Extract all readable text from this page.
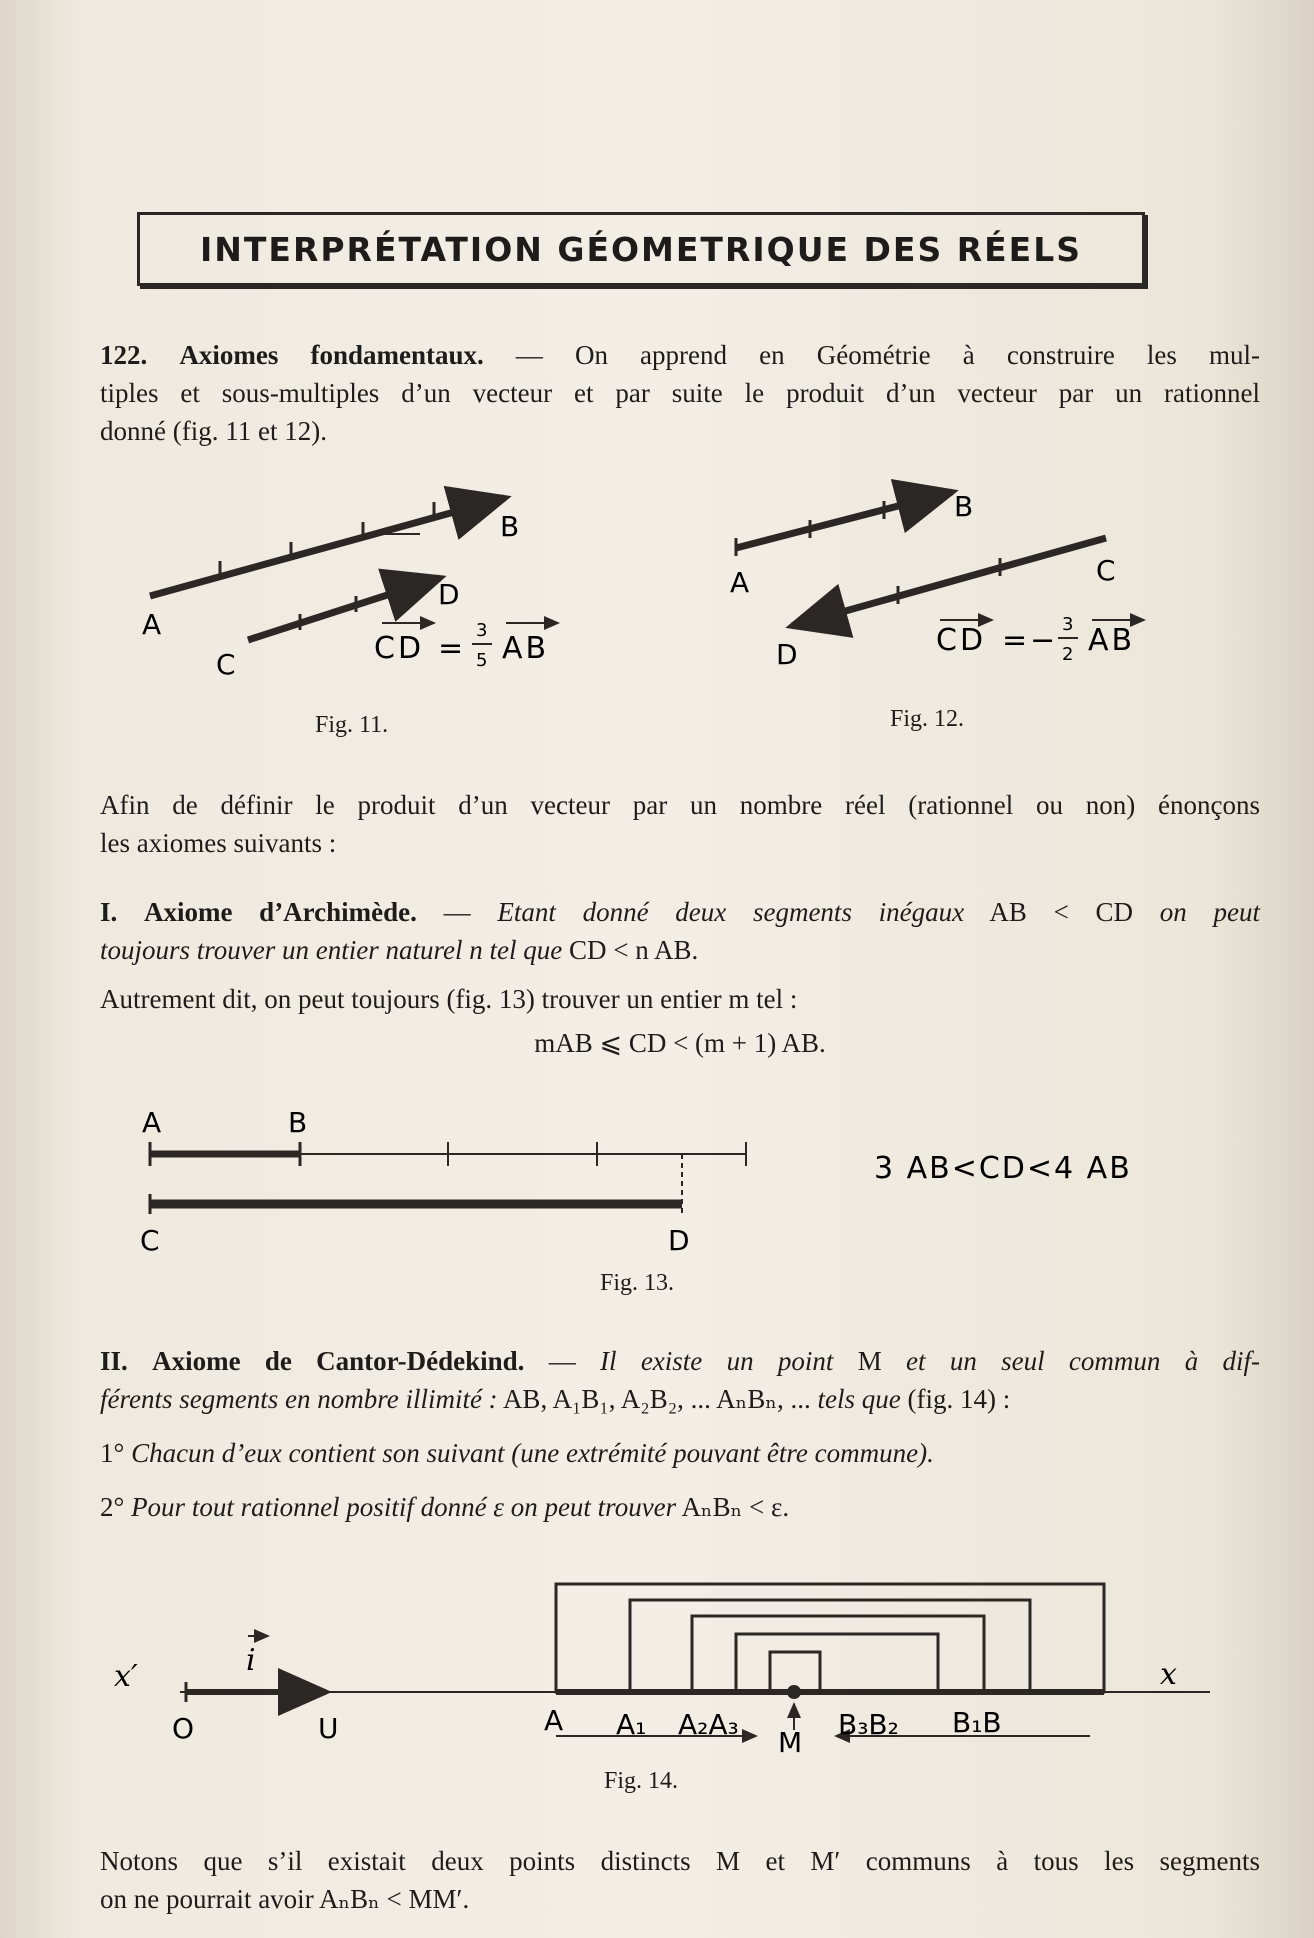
INTERPRÉTATION GÉOMETRIQUE DES RÉELS
122. Axiomes fondamentaux. — On apprend en Géométrie à construire les mul-
tiples et sous-multiples d’un vecteur et par suite le produit d’un vecteur par un rationnel
donné (fig. 11 et 12).
A
B
C
D
CD =
3
5 AB
Fig. 11.
A
B
C
D	CD = − 3
2 AB
Fig. 12.
Afin de définir le produit d’un vecteur par un nombre réel (rationnel ou non) énonçons
les axiomes suivants :
I. Axiome d’Archimède. — Etant donné deux segments inégaux AB < CD on peut
toujours trouver un entier naturel n tel que CD < n AB.
Autrement dit, on peut toujours (fig. 13) trouver un entier m tel :
mAB ⩽ CD < (m + 1) AB.
A	B
C	D
3 AB<CD<4 AB
Fig. 13.
II. Axiome de Cantor-Dédekind. — Il existe un point M et un seul commun à dif-
férents segments en nombre illimité : AB, A₁B₁, A₂B₂, ... AₙBₙ, ... tels que (fig. 14) :
1° Chacun d’eux contient son suivant (une extrémité pouvant être commune).
2° Pour tout rationnel positif donné ε on peut trouver AₙBₙ < ε.
x′	x
i
O	U	A A₁ A₂A₃
M
B₃B₂ B₁B
Fig. 14.
Notons que s’il existait deux points distincts M et M′ communs à tous les segments
on ne pourrait avoir AₙBₙ < MM′.
